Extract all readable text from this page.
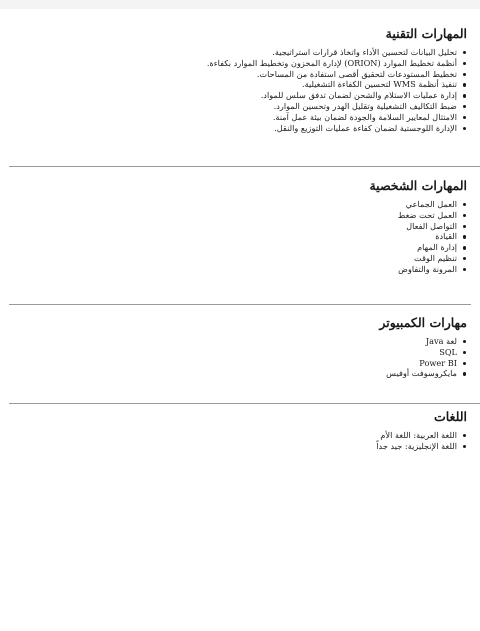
المهارات التقنية
تحليل البيانات لتحسين الأداء واتخاذ قرارات استراتيجية.
أنظمة تخطيط الموارد (ORION) لإدارة المخزون وتخطيط الموارد بكفاءة.
تخطيط المستودعات لتحقيق أقصى استفادة من المساحات.
تنفيذ أنظمة WMS لتحسين الكفاءة التشغيلية.
إدارة عمليات الاستلام والشحن لضمان تدفق سلس للمواد.
ضبط التكاليف التشغيلية وتقليل الهدر وتحسين الموارد.
الامتثال لمعايير السلامة والجودة لضمان بيئة عمل آمنة.
الإدارة اللوجستية لضمان كفاءة عمليات التوزيع والنقل.
المهارات الشخصية
العمل الجماعي
العمل تحت ضغط
التواصل الفعال
القيادة
إدارة المهام
تنظيم الوقت
المرونة والتفاوض
مهارات الكمبيوتر
لغة Java
SQL
Power BI
مايكروسوفت أوفيس
اللغات
اللغة العربية: اللغة الأم
اللغة الإنجليزية: جيد جداً
